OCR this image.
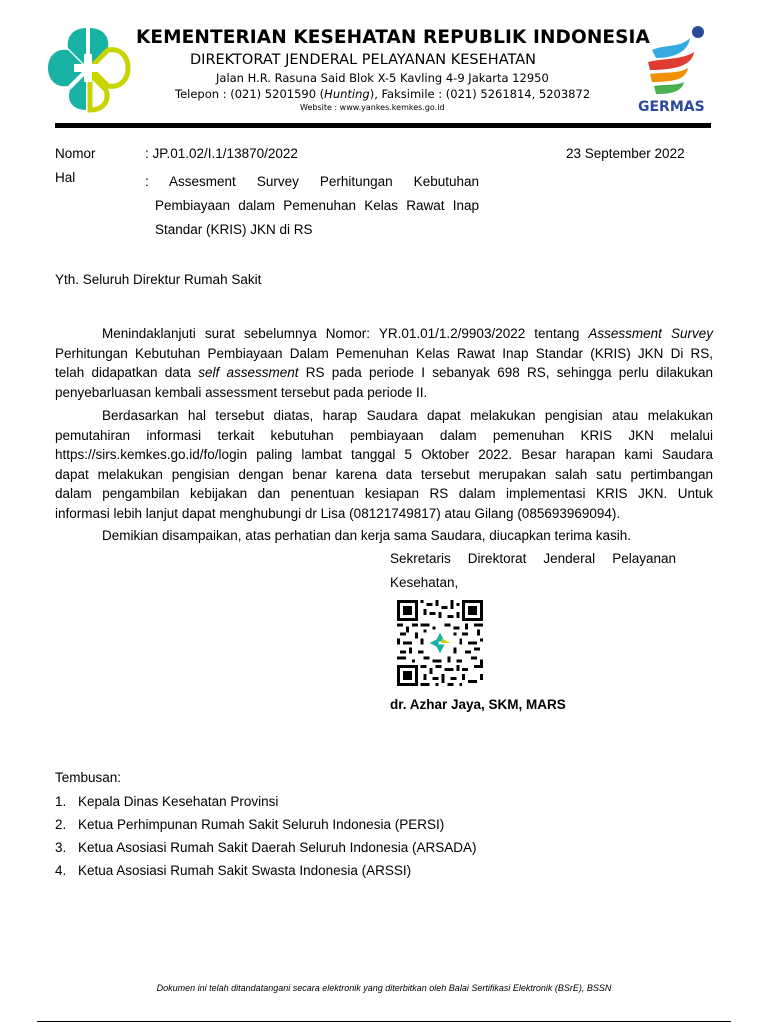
KEMENTERIAN KESEHATAN REPUBLIK INDONESIA
DIREKTORAT JENDERAL PELAYANAN KESEHATAN
Jalan H.R. Rasuna Said Blok X-5 Kavling 4-9 Jakarta 12950
Telepon : (021) 5201590 (Hunting), Faksimile : (021) 5261814, 5203872
Website : www.yankes.kemkes.go.id	GERMAS
Nomor	: JP.01.02/I.1/13870/2022	23 September 2022
Hal	: Assesment Survey Perhitungan Kebutuhan
Pembiayaan dalam Pemenuhan Kelas Rawat Inap
Standar (KRIS) JKN di RS
Yth. Seluruh Direktur Rumah Sakit
Menindaklanjuti surat sebelumnya Nomor: YR.01.01/1.2/9903/2022 tentang Assessment Survey
Perhitungan Kebutuhan Pembiayaan Dalam Pemenuhan Kelas Rawat Inap Standar (KRIS) JKN Di RS,
telah didapatkan data self assessment RS pada periode I sebanyak 698 RS, sehingga perlu dilakukan
penyebarluasan kembali assessment tersebut pada periode II.
Berdasarkan hal tersebut diatas, harap Saudara dapat melakukan pengisian atau melakukan
pemutahiran informasi terkait kebutuhan pembiayaan dalam pemenuhan KRIS JKN melalui
https://sirs.kemkes.go.id/fo/login paling lambat tanggal 5 Oktober 2022. Besar harapan kami Saudara
dapat melakukan pengisian dengan benar karena data tersebut merupakan salah satu pertimbangan
dalam pengambilan kebijakan dan penentuan kesiapan RS dalam implementasi KRIS JKN. Untuk
informasi lebih lanjut dapat menghubungi dr Lisa (08121749817) atau Gilang (085693969094).
Demikian disampaikan, atas perhatian dan kerja sama Saudara, diucapkan terima kasih.
Sekretaris Direktorat Jenderal Pelayanan
Kesehatan,
dr. Azhar Jaya, SKM, MARS
Tembusan:
1. Kepala Dinas Kesehatan Provinsi
2. Ketua Perhimpunan Rumah Sakit Seluruh Indonesia (PERSI)
3. Ketua Asosiasi Rumah Sakit Daerah Seluruh Indonesia (ARSADA)
4. Ketua Asosiasi Rumah Sakit Swasta Indonesia (ARSSI)
Dokumen ini telah ditandatangani secara elektronik yang diterbitkan oleh Balai Sertifikasi Elektronik (BSrE), BSSN
